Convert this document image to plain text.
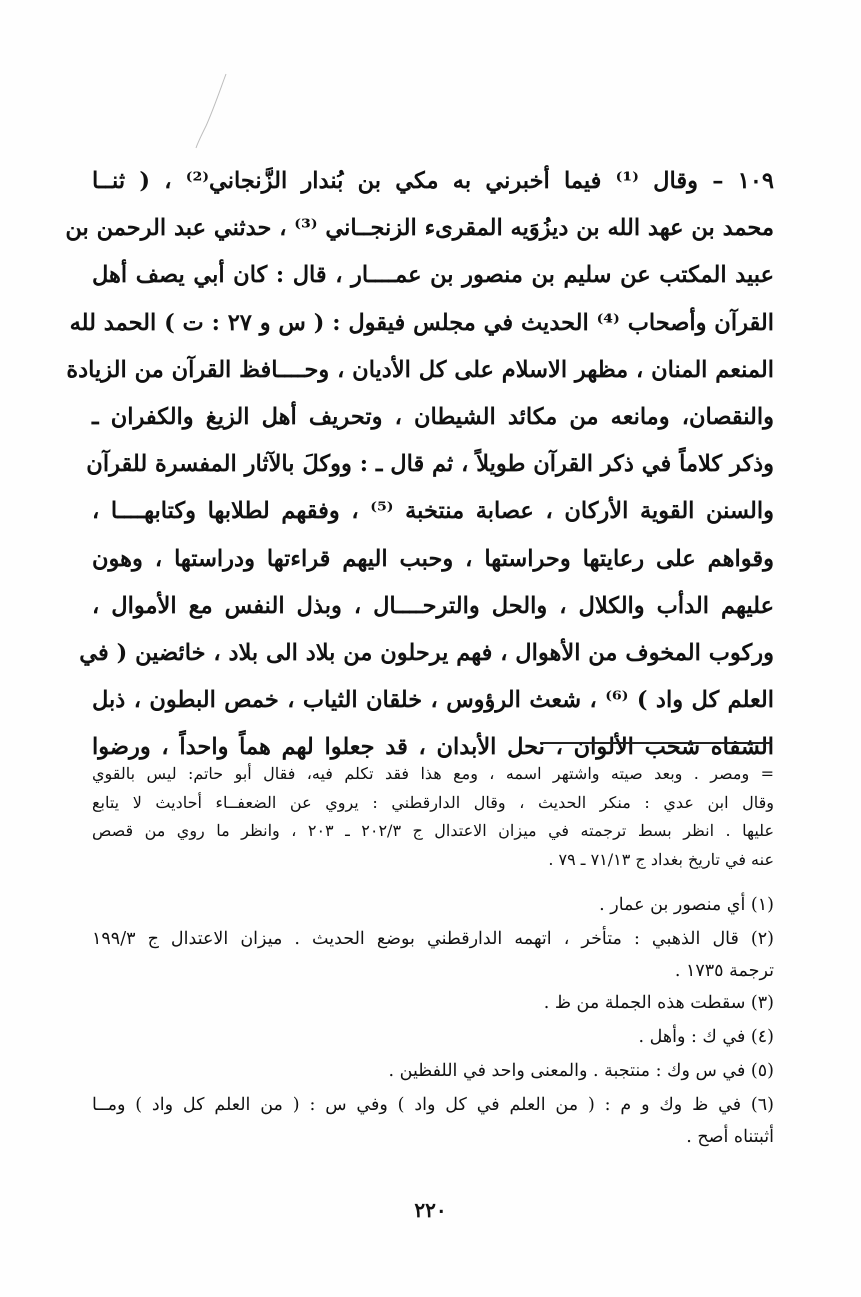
١٠٩ – وقال ⁽¹⁾ فيما أخبرني به مكي بن بُندار الزَّنجاني⁽²⁾ ، ( ثنــا
محمد بن عهد الله بن ديزُوَيه المقرىء الزنجــاني ⁽³⁾ ، حدثني عبد الرحمن بن
عبيد المكتب عن سليم بن منصور بن عمــــار ، قال : كان أبي يصف أهل
القرآن وأصحاب ⁽⁴⁾ الحديث في مجلس فيقول : ( س و ٢٧ : ت ) الحمد لله
المنعم المنان ، مظهر الاسلام على كل الأديان ، وحــــافظ القرآن من الزيادة
والنقصان، ومانعه من مكائد الشيطان ، وتحريف أهل الزيغ والكفران ـ
وذكر كلاماً في ذكر القرآن طويلاً ، ثم قال ـ : ووكلَ بالآثار المفسرة للقرآن
والسنن القوية الأركان ، عصابة منتخبة ⁽⁵⁾ ، وفقهم لطلابها وكتابهــــا ،
وقواهم على رعايتها وحراستها ، وحبب اليهم قراءتها ودراستها ، وهون
عليهم الدأب والكلال ، والحل والترحــــال ، وبذل النفس مع الأموال ،
وركوب المخوف من الأهوال ، فهم يرحلون من بلاد الى بلاد ، خائضين ( في
العلم كل واد ) ⁽⁶⁾ ، شعث الرؤوس ، خلقان الثياب ، خمص البطون ، ذبل
الشفاه شحب الألوان ، نحل الأبدان ، قد جعلوا لهم هماً واحداً ، ورضوا
= ومصر . وبعد صيته واشتهر اسمه ، ومع هذا فقد تكلم فيه، فقال أبو حاتم: ليس بالقوي
وقال ابن عدي : منكر الحديث ، وقال الدارقطني : يروي عن الضعفــاء أحاديث لا يتابع
عليها . انظر بسط ترجمته في ميزان الاعتدال ج ٢٠٢/٣ ـ ٢٠٣ ، وانظر ما روي من قصص
عنه في تاريخ بغداد ج ٧١/١٣ ـ ٧٩ .
(١) أي منصور بن عمار .
(٢) قال الذهبي : متأخر ، اتهمه الدارقطني بوضع الحديث . ميزان الاعتدال ج ١٩٩/٣
ترجمة ١٧٣٥ .
(٣) سقطت هذه الجملة من ظ .
(٤) في ك : وأهل .
(٥) في س وك : منتجبة . والمعنى واحد في اللفظين .
(٦) في ظ وك و م : ( من العلم في كل واد ) وفي س : ( من العلم كل واد ) ومــا
أثبتناه أصح .
٢٢٠
